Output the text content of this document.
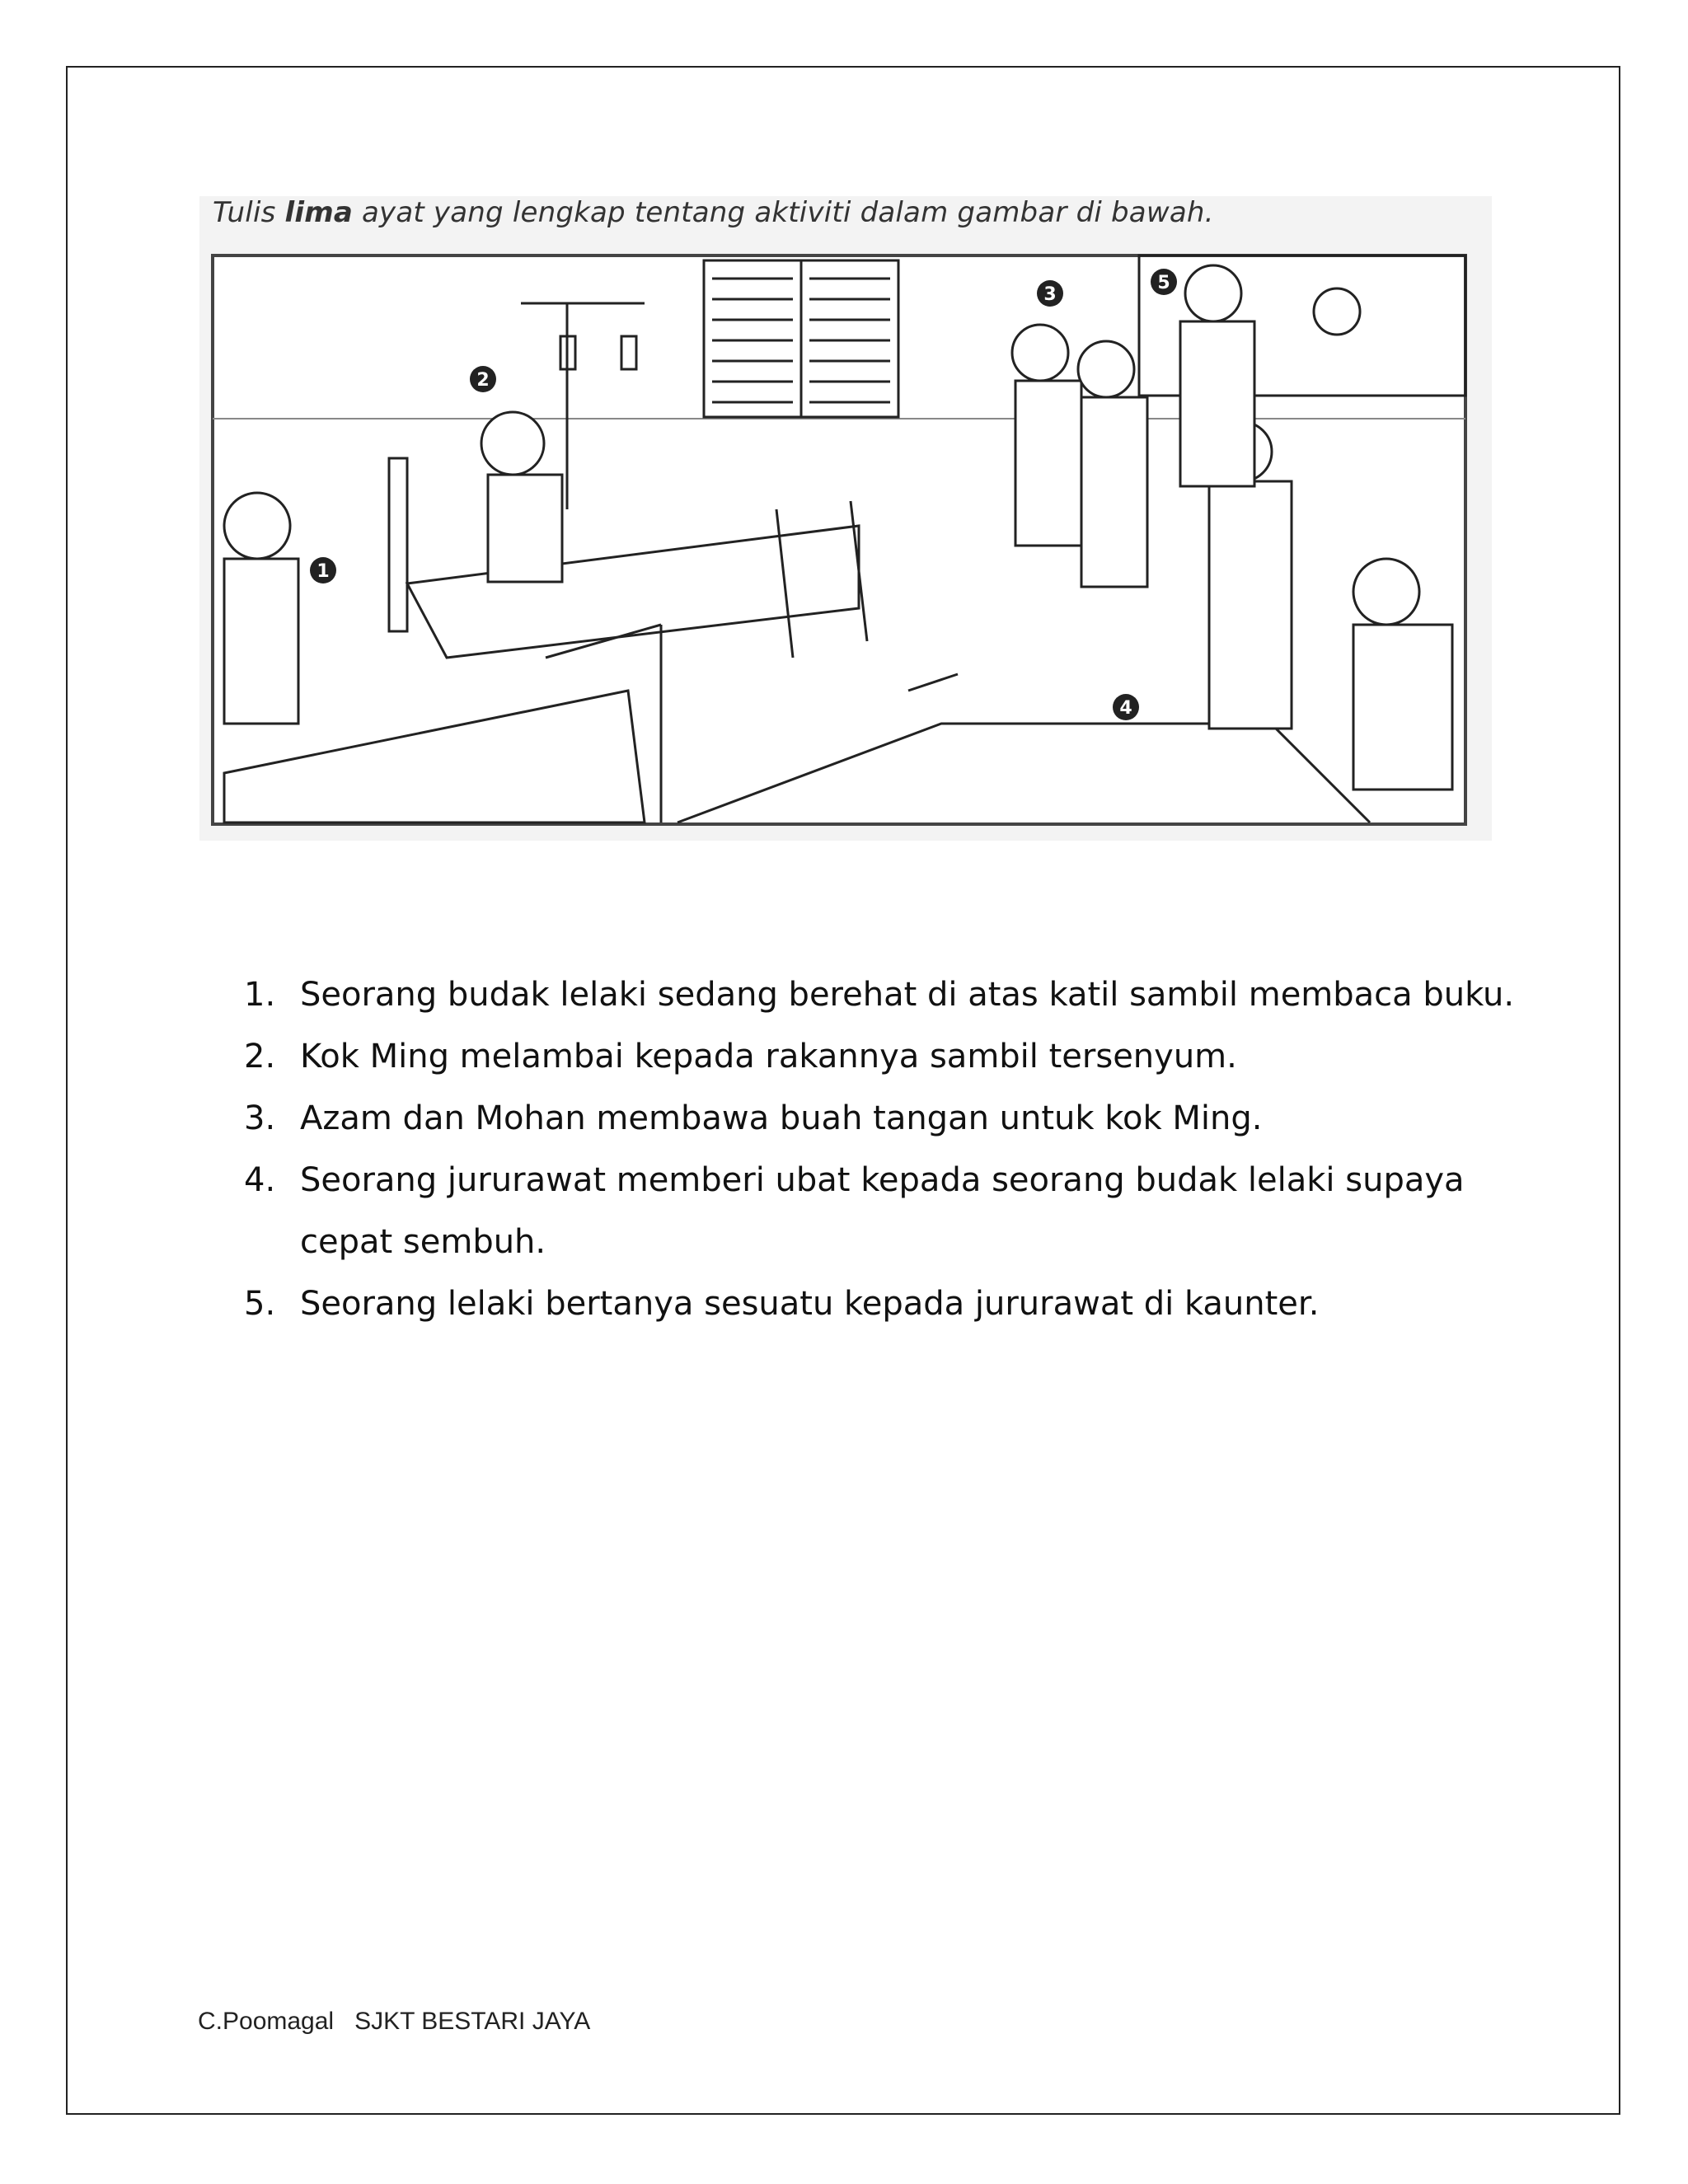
1
2
3
4
5
Tulis lima ayat yang lengkap tentang aktiviti dalam gambar di bawah.
1. Seorang budak lelaki sedang berehat di atas katil sambil membaca buku.
2. Kok Ming melambai kepada rakannya sambil tersenyum.
3. Azam dan Mohan membawa buah tangan untuk kok Ming.
4. Seorang jururawat memberi ubat kepada seorang budak lelaki supaya cepat sembuh.
5. Seorang lelaki bertanya sesuatu kepada jururawat di kaunter.
C.Poomagal SJKT BESTARI JAYA
